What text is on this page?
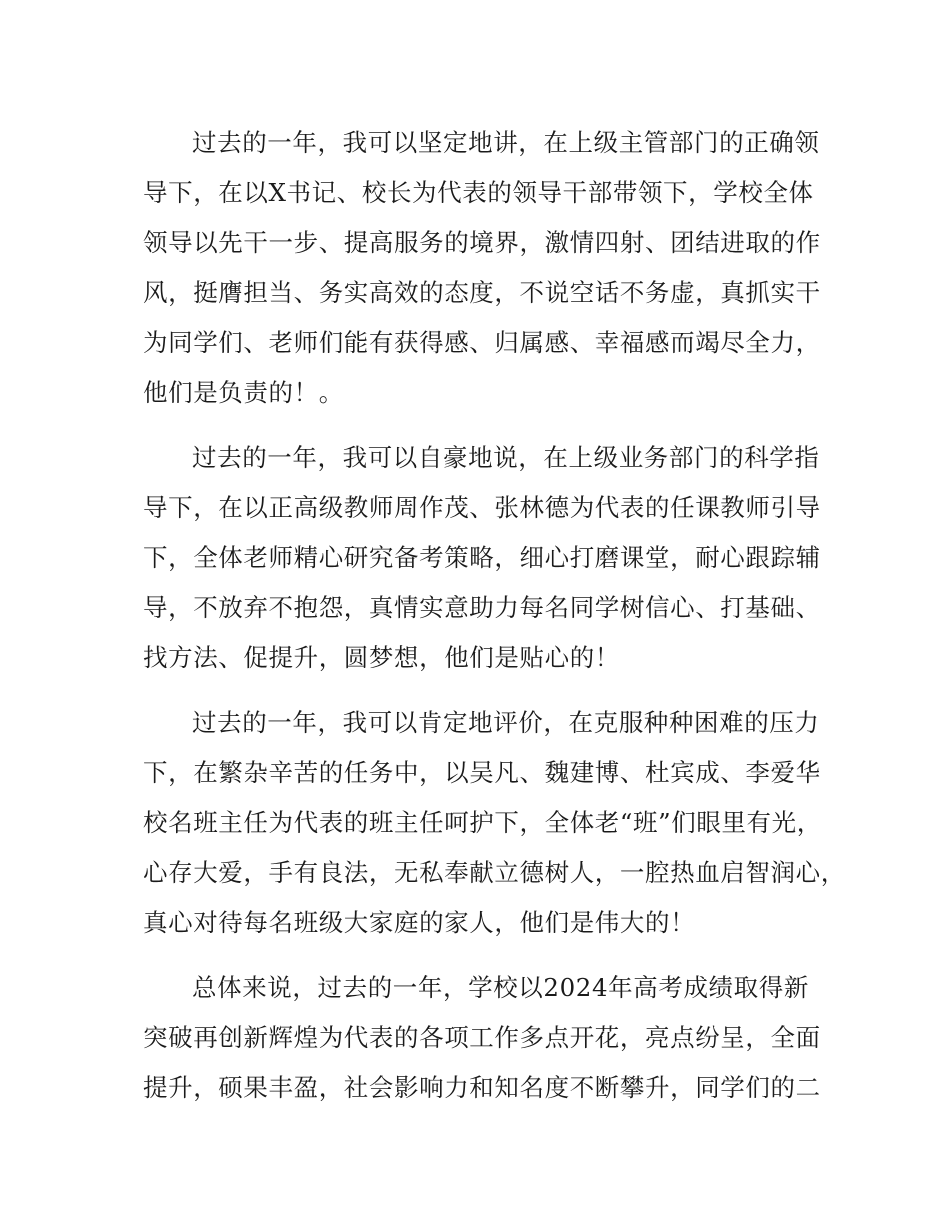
过去的一年，我可以坚定地讲，在上级主管部门的正确领
导下，在以X书记、校长为代表的领导干部带领下，学校全体
领导以先干一步、提高服务的境界，激情四射、团结进取的作
风，挺膺担当、务实高效的态度，不说空话不务虚，真抓实干
为同学们、老师们能有获得感、归属感、幸福感而竭尽全力，
他们是负责的！。
过去的一年，我可以自豪地说，在上级业务部门的科学指
导下，在以正高级教师周作茂、张林德为代表的任课教师引导
下，全体老师精心研究备考策略，细心打磨课堂，耐心跟踪辅
导，不放弃不抱怨，真情实意助力每名同学树信心、打基础、
找方法、促提升，圆梦想，他们是贴心的！
过去的一年，我可以肯定地评价，在克服种种困难的压力
下，在繁杂辛苦的任务中，以吴凡、魏建博、杜宾成、李爱华
校名班主任为代表的班主任呵护下，全体老“班”们眼里有光，
心存大爱，手有良法，无私奉献立德树人，一腔热血启智润心，
真心对待每名班级大家庭的家人，他们是伟大的！
总体来说，过去的一年，学校以2024年高考成绩取得新
突破再创新辉煌为代表的各项工作多点开花，亮点纷呈，全面
提升，硕果丰盈，社会影响力和知名度不断攀升，同学们的二
